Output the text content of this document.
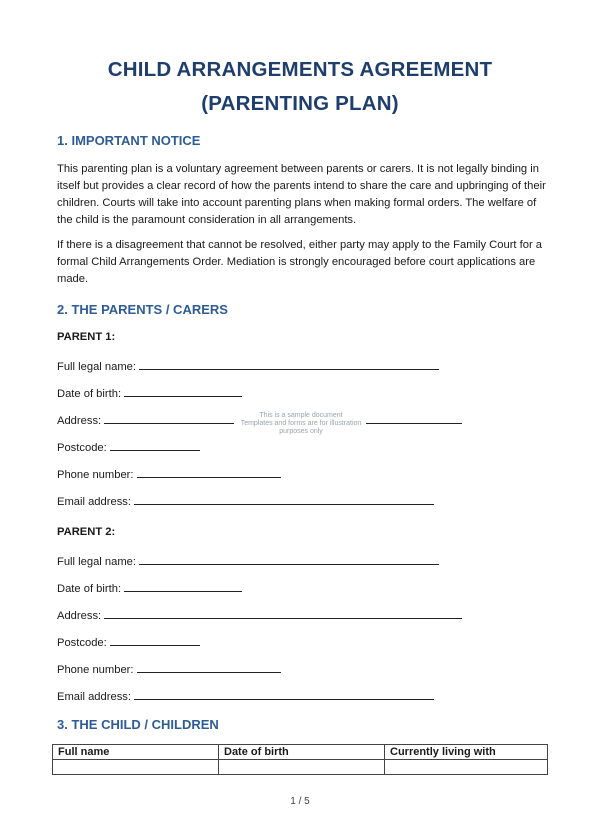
CHILD ARRANGEMENTS AGREEMENT
(PARENTING PLAN)
1. IMPORTANT NOTICE
This parenting plan is a voluntary agreement between parents or carers. It is not legally binding in itself but provides a clear record of how the parents intend to share the care and upbringing of their children. Courts will take into account parenting plans when making formal orders. The welfare of the child is the paramount consideration in all arrangements.
If there is a disagreement that cannot be resolved, either party may apply to the Family Court for a formal Child Arrangements Order. Mediation is strongly encouraged before court applications are made.
2. THE PARENTS / CARERS
PARENT 1:
Full legal name:
Date of birth:
Address:	This is a sample document
Templates and forms are for illustration purposes only
Postcode:
Phone number:
Email address:
PARENT 2:
Full legal name:
Date of birth:
Address:
Postcode:
Phone number:
Email address:
3. THE CHILD / CHILDREN
Full name	Date of birth	Currently living with

1 / 5
